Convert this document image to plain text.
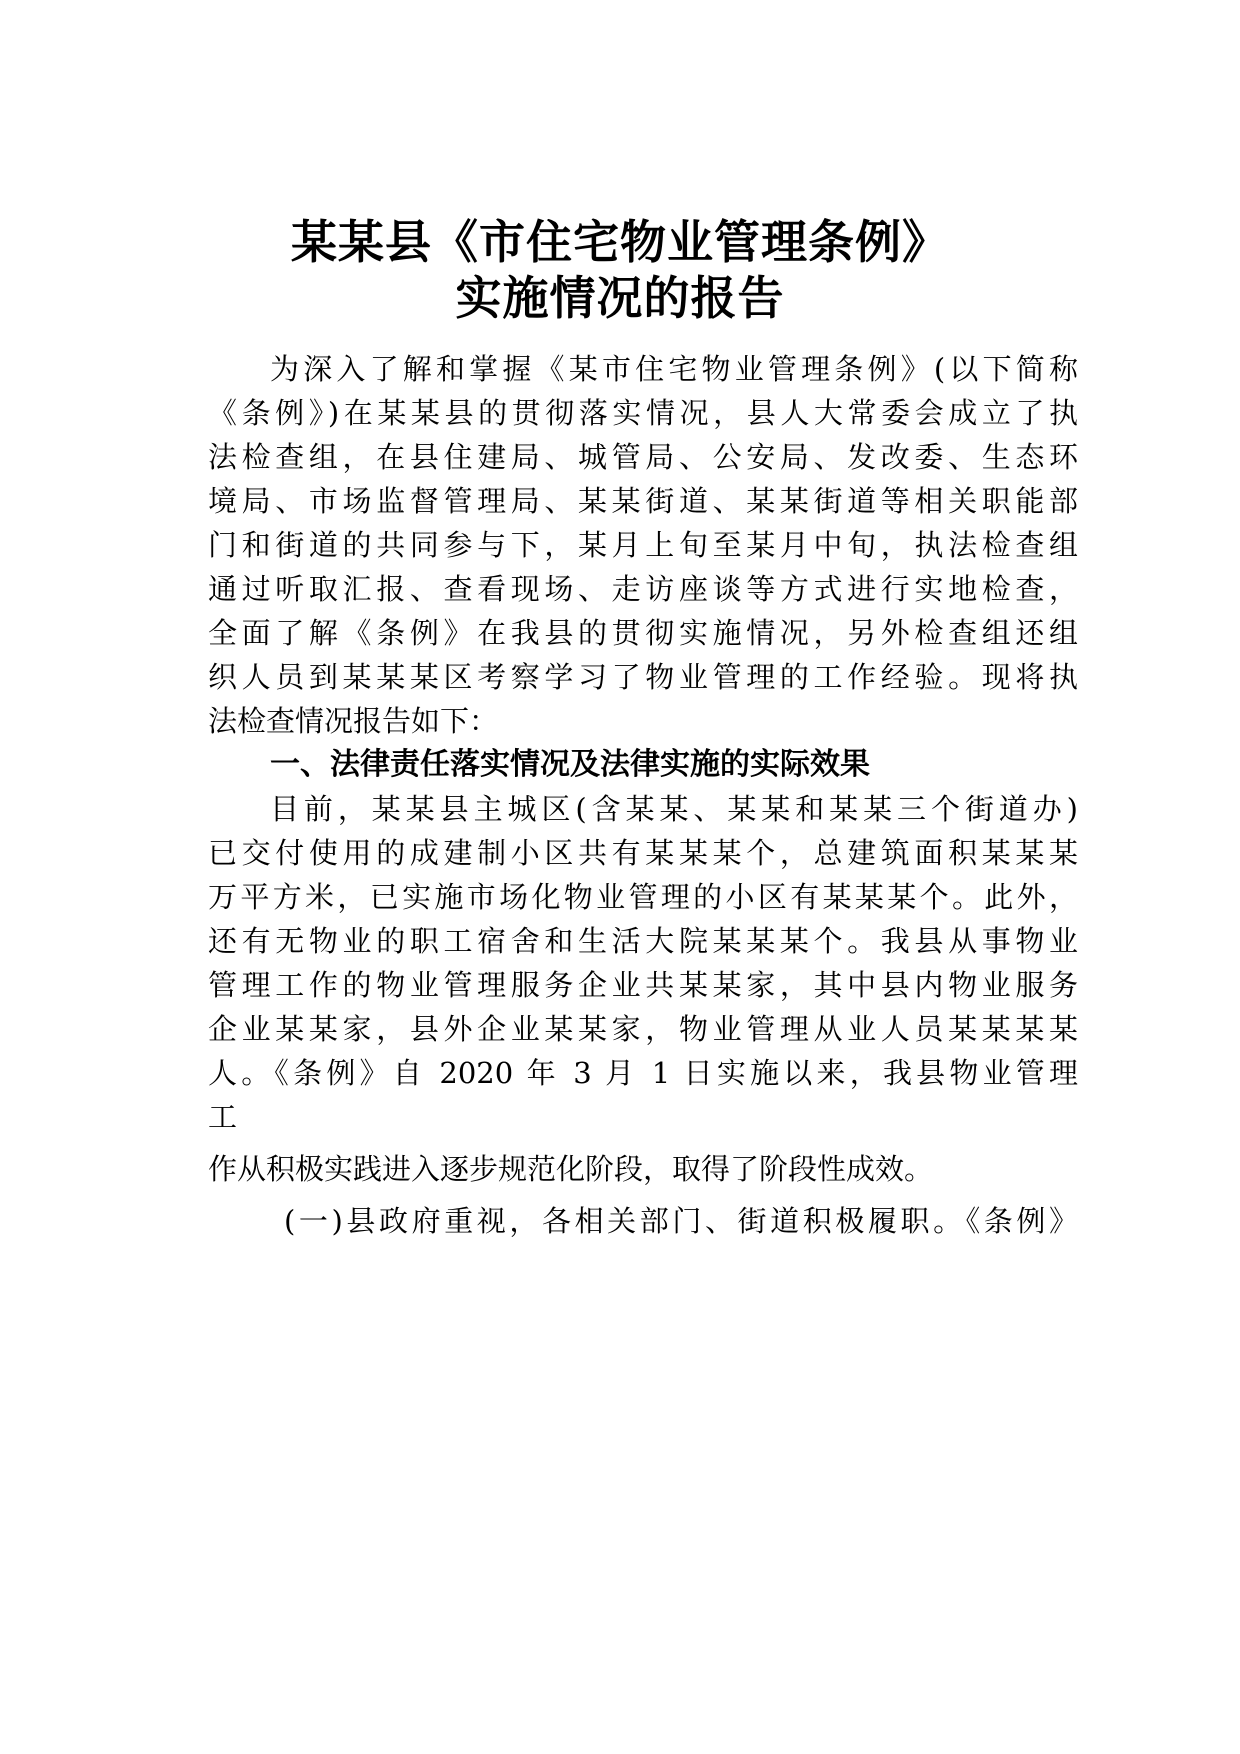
某某县《市住宅物业管理条例》
实施情况的报告
为深入了解和掌握《某市住宅物业管理条例》(以下简称
《条例》)在某某县的贯彻落实情况，县人大常委会成立了执
法检查组，在县住建局、城管局、公安局、发改委、生态环
境局、市场监督管理局、某某街道、某某街道等相关职能部
门和街道的共同参与下，某月上旬至某月中旬，执法检查组
通过听取汇报、查看现场、走访座谈等方式进行实地检查，
全面了解《条例》在我县的贯彻实施情况，另外检查组还组
织人员到某某某区考察学习了物业管理的工作经验。现将执
法检查情况报告如下：
一、法律责任落实情况及法律实施的实际效果
目前，某某县主城区(含某某、某某和某某三个街道办)
已交付使用的成建制小区共有某某某个，总建筑面积某某某
万平方米，已实施市场化物业管理的小区有某某某个。此外，
还有无物业的职工宿舍和生活大院某某某个。我县从事物业
管理工作的物业管理服务企业共某某家，其中县内物业服务
企业某某家，县外企业某某家，物业管理从业人员某某某某
人。《条例》自 2020 年 3 月 1 日实施以来，我县物业管理
工
作从积极实践进入逐步规范化阶段，取得了阶段性成效。
(一)县政府重视，各相关部门、街道积极履职。《条例》
